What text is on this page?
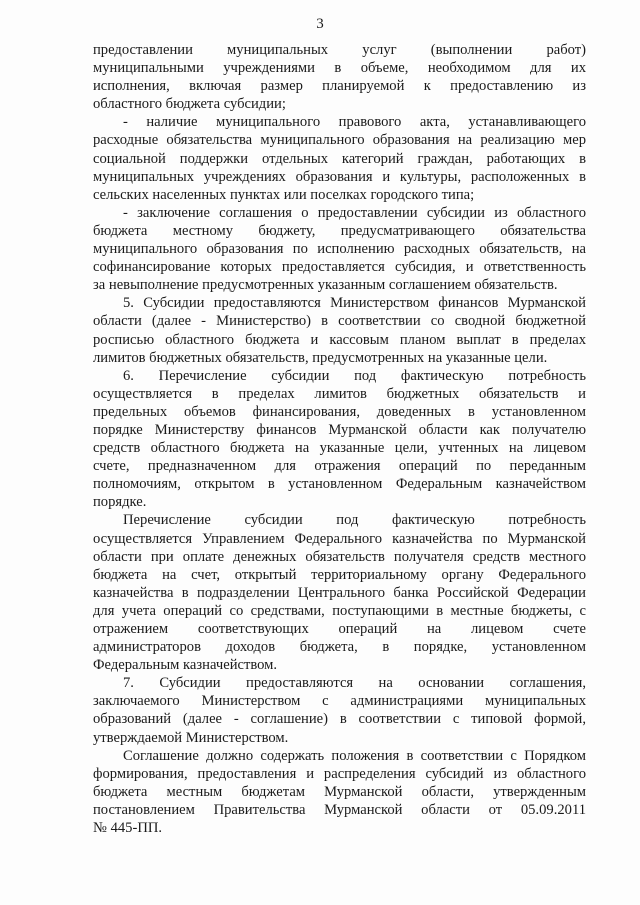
3
предоставлении муниципальных услуг (выполнении работ)
муниципальными учреждениями в объеме, необходимом для их
исполнения, включая размер планируемой к предоставлению из
областного бюджета субсидии;
- наличие муниципального правового акта, устанавливающего
расходные обязательства муниципального образования на реализацию мер
социальной поддержки отдельных категорий граждан, работающих в
муниципальных учреждениях образования и культуры, расположенных в
сельских населенных пунктах или поселках городского типа;
- заключение соглашения о предоставлении субсидии из областного
бюджета местному бюджету, предусматривающего обязательства
муниципального образования по исполнению расходных обязательств, на
софинансирование которых предоставляется субсидия, и ответственность
за невыполнение предусмотренных указанным соглашением обязательств.
5. Субсидии предоставляются Министерством финансов Мурманской
области (далее - Министерство) в соответствии со сводной бюджетной
росписью областного бюджета и кассовым планом выплат в пределах
лимитов бюджетных обязательств, предусмотренных на указанные цели.
6. Перечисление субсидии под фактическую потребность
осуществляется в пределах лимитов бюджетных обязательств и
предельных объемов финансирования, доведенных в установленном
порядке Министерству финансов Мурманской области как получателю
средств областного бюджета на указанные цели, учтенных на лицевом
счете, предназначенном для отражения операций по переданным
полномочиям, открытом в установленном Федеральным казначейством
порядке.
Перечисление субсидии под фактическую потребность
осуществляется Управлением Федерального казначейства по Мурманской
области при оплате денежных обязательств получателя средств местного
бюджета на счет, открытый территориальному органу Федерального
казначейства в подразделении Центрального банка Российской Федерации
для учета операций со средствами, поступающими в местные бюджеты, с
отражением соответствующих операций на лицевом счете
администраторов доходов бюджета, в порядке, установленном
Федеральным казначейством.
7. Субсидии предоставляются на основании соглашения,
заключаемого Министерством с администрациями муниципальных
образований (далее - соглашение) в соответствии с типовой формой,
утверждаемой Министерством.
Соглашение должно содержать положения в соответствии с Порядком
формирования, предоставления и распределения субсидий из областного
бюджета местным бюджетам Мурманской области, утвержденным
постановлением Правительства Мурманской области от 05.09.2011
№ 445-ПП.
